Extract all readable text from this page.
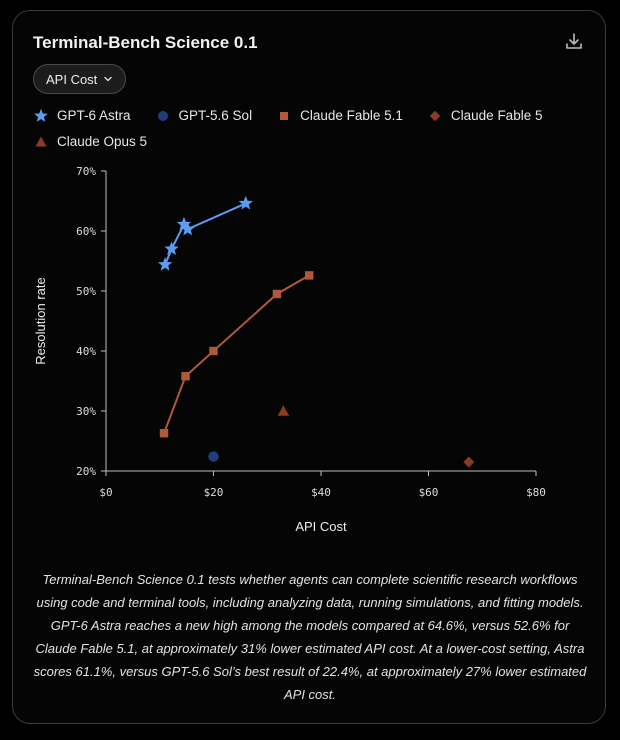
Terminal-Bench Science 0.1
API Cost
GPT-6 Astra	GPT-5.6 Sol	Claude Fable 5.1	Claude Fable 5
Claude Opus 5
$0	$20	$40	$60	$80
20%
30%
40%
50%
60%
70%
API Cost
Resolution rate
Terminal-Bench Science 0.1 tests whether agents can complete scientific research workflows using code and terminal tools, including analyzing data, running simulations, and fitting models. GPT-6 Astra reaches a new high among the models compared at 64.6%, versus 52.6% for Claude Fable 5.1, at approximately 31% lower estimated API cost. At a lower-cost setting, Astra scores 61.1%, versus GPT-5.6 Sol’s best result of 22.4%, at approximately 27% lower estimated API cost.
